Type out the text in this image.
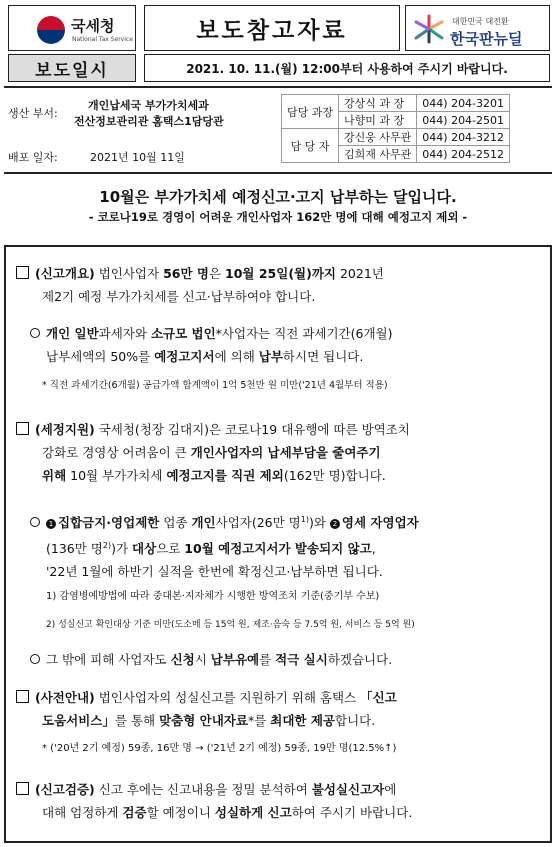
국세청
National Tax Service	보도참고자료	대한민국 대전환
한국판뉴딜
보도일시	2021. 10. 11.(월) 12:00부터 사용하여 주시기 바랍니다.
생산 부서:
개인납세국 부가가치세과
전산정보관리관 홈택스1담당관
배포 일자:	2021년 10월 11일
담당 과장	강상식 과 장	044) 204-3201
	나향미 과 장	044) 204-2501
담 당 자	강신웅 사무관	044) 204-3212
	김희재 사무관	044) 204-2512
10월은 부가가치세 예정신고·고지 납부하는 달입니다.
- 코로나19로 경영이 어려운 개인사업자 162만 명에 대해 예정고지 제외 -
(신고개요) 법인사업자 56만 명은 10월 25일(월)까지 2021년
제2기 예정 부가가치세를 신고·납부하여야 합니다.
개인 일반과세자와 소규모 법인*사업자는 직전 과세기간(6개월)
납부세액의 50%를 예정고지서에 의해 납부하시면 됩니다.
* 직전 과세기간(6개월) 공급가액 합계액이 1억 5천만 원 미만('21년 4월부터 적용)
(세정지원) 국세청(청장 김대지)은 코로나19 대유행에 따른 방역조치
강화로 경영상 어려움이 큰 개인사업자의 납세부담을 줄여주기
위해 10월 부가가치세 예정고지를 직권 제외(162만 명)합니다.
1 집합금지·영업제한 업종 개인사업자(26만 명$^{1)}$)와 2 영세 자영업자
(136만 명$^{2)}$)가 대상으로 10월 예정고지서가 발송되지 않고,
'22년 1월에 하반기 실적을 한번에 확정신고·납부하면 됩니다.
1) 감염병예방법에 따라 중대본·지자체가 시행한 방역조치 기준(중기부 수보)
2) 성실신고 확인대상 기준 미만(도소매 등 15억 원, 제조·음숙 등 7.5억 원, 서비스 등 5억 원)
그 밖에 피해 사업자도 신청시 납부유예를 적극 실시하겠습니다.
(사전안내) 법인사업자의 성실신고를 지원하기 위해 홈택스 「신고
도움서비스」를 통해 맞춤형 안내자료*를 최대한 제공합니다.
* ('20년 2기 예정) 59종, 16만 명 → ('21년 2기 예정) 59종, 19만 명(12.5%↑)
(신고검증) 신고 후에는 신고내용을 정밀 분석하여 불성실신고자에
대해 엄정하게 검증할 예정이니 성실하게 신고하여 주시기 바랍니다.
